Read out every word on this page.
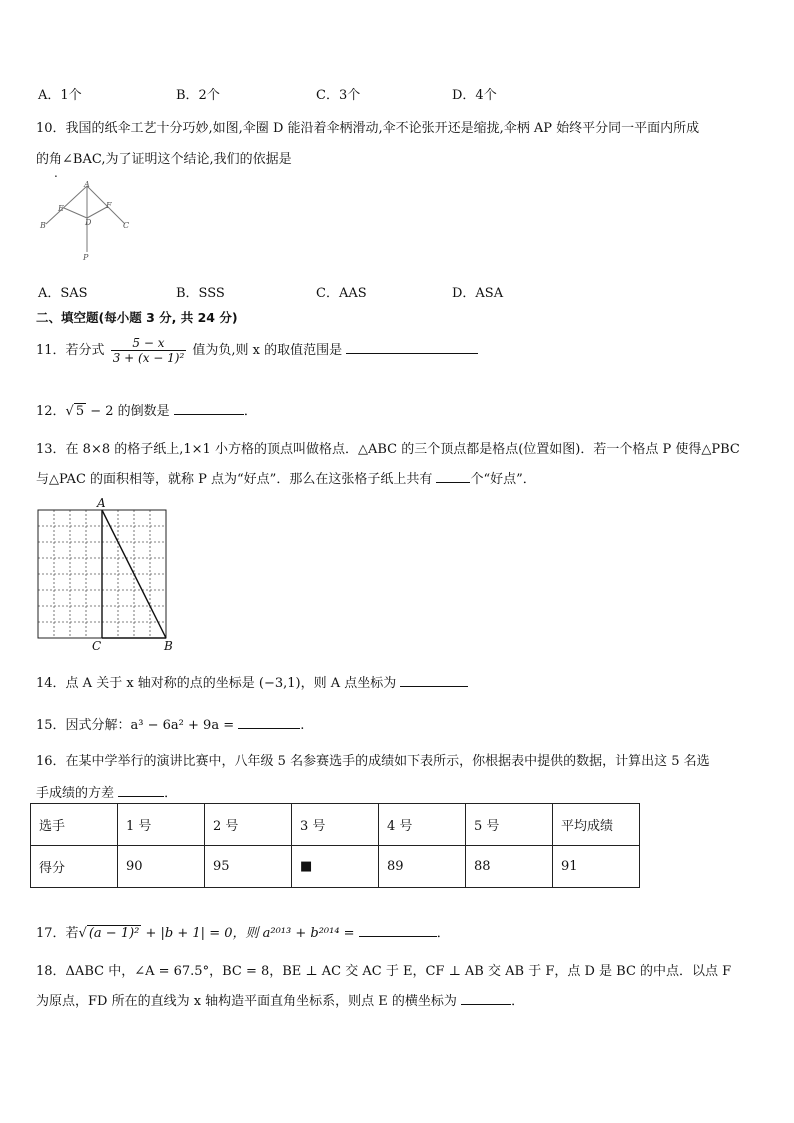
A．1个	B．2个	C．3个	D．4个
10．我国的纸伞工艺十分巧妙,如图,伞圈 D 能沿着伞柄滑动,伞不论张开还是缩拢,伞柄 AP 始终平分同一平面内所成
的角∠BAC,为了证明这个结论,我们的依据是
.
A
E	F
B	C
D
P
A．SAS	B．SSS	C．AAS	D．ASA
二、填空题(每小题 3 分, 共 24 分)
11．若分式 $\frac{5 - x}{\text{3 + (x − 1)²}}$ 值为负,则 x 的取值范围是
12．√ 5 − 2 的倒数是	．
13．在 8×8 的格子纸上,1×1 小方格的顶点叫做格点．△ABC 的三个顶点都是格点(位置如图)．若一个格点 P 使得△PBC
与△PAC 的面积相等，就称 P 点为“好点”．那么在这张格子纸上共有	个“好点”．
A
C	B
14．点 A 关于 x 轴对称的点的坐标是 (−3,1)，则 A 点坐标为
15．因式分解：a³ − 6a² + 9a =	.
16．在某中学举行的演讲比赛中，八年级 5 名参赛选手的成绩如下表所示，你根据表中提供的数据，计算出这 5 名选
手成绩的方差	．
选手	1 号	2 号	3 号	4 号	5 号	平均成绩
得分	90	95	■	89	88	91
17．若√ (a − 1)² + |b + 1| = 0，则 a²⁰¹³ + b²⁰¹⁴ =	．
18．ΔABC 中，∠A = 67.5°，BC = 8，BE ⊥ AC 交 AC 于 E，CF ⊥ AB 交 AB 于 F，点 D 是 BC 的中点．以点 F
为原点，FD 所在的直线为 x 轴构造平面直角坐标系，则点 E 的横坐标为	．
